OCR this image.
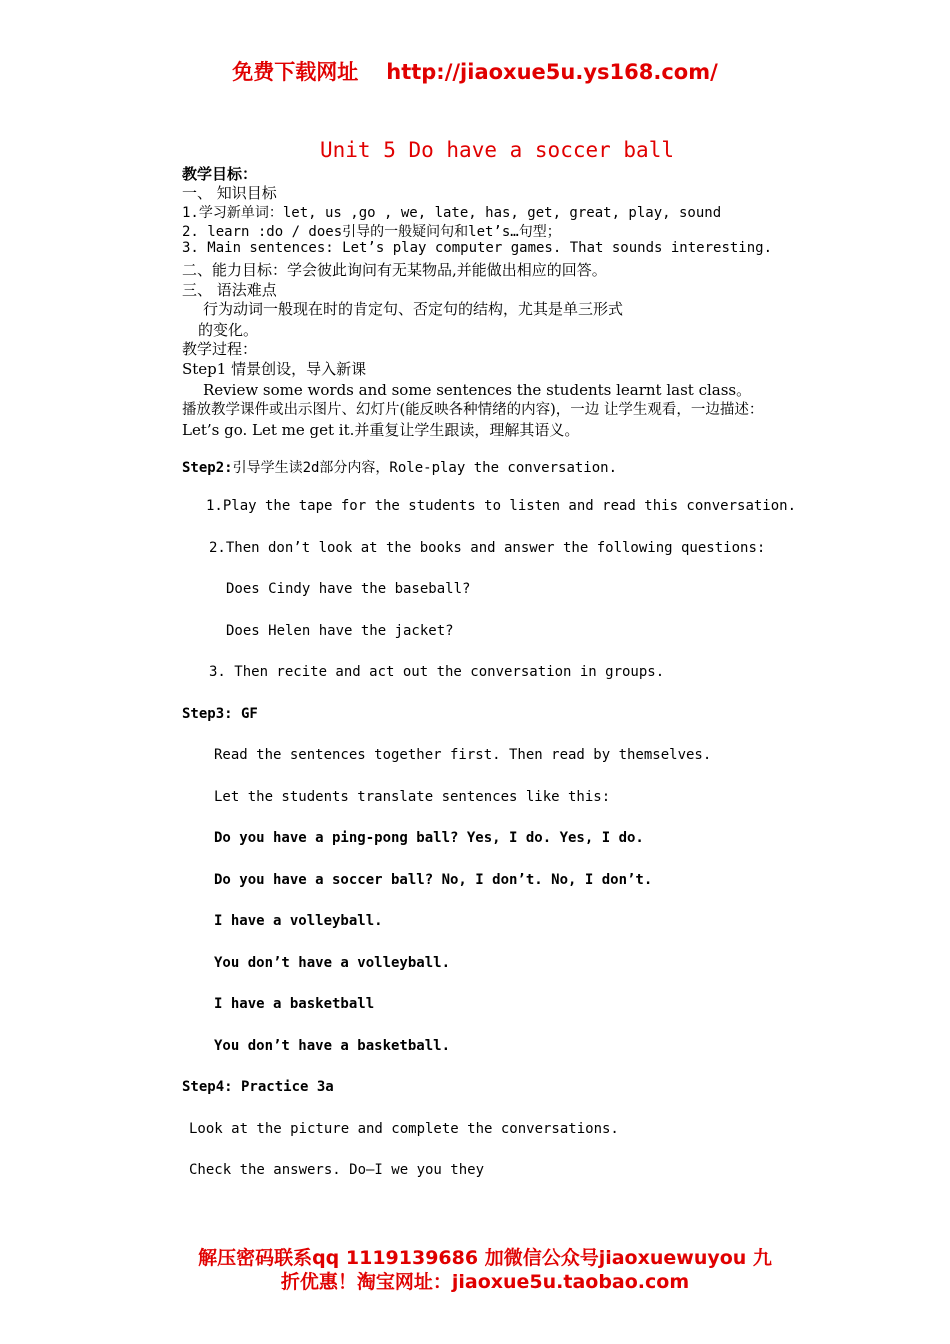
免费下载网址 http://jiaoxue5u.ys168.com/
Unit 5 Do have a soccer ball
教学目标：
一、 知识目标
1.学习新单词：let, us ,go , we, late, has, get, great, play, sound
2. learn :do / does引导的一般疑问句和let’s…句型；
3. Main sentences: Let’s play computer games. That sounds interesting.
二、能力目标：学会彼此询问有无某物品,并能做出相应的回答。
三、 语法难点
行为动词一般现在时的肯定句、否定句的结构，尤其是单三形式
的变化。
教学过程：
Step1 情景创设，导入新课
Review some words and some sentences the students learnt last class。
播放教学课件或出示图片、幻灯片(能反映各种情绪的内容)，一边 让学生观看，一边描述：
Let’s go. Let me get it.并重复让学生跟读，理解其语义。
Step2:引导学生读2d部分内容，Role-play the conversation.
1.Play the tape for the students to listen and read this conversation.
2.Then don’t look at the books and answer the following questions:
Does Cindy have the baseball?
Does Helen have the jacket?
3. Then recite and act out the conversation in groups.
Step3: GF
Read the sentences together first. Then read by themselves.
Let the students translate sentences like this:
Do you have a ping-pong ball? Yes, I do. Yes, I do.
Do you have a soccer ball? No, I don’t. No, I don’t.
I have a volleyball.
You don’t have a volleyball.
I have a basketball
You don’t have a basketball.
Step4: Practice 3a
Look at the picture and complete the conversations.
Check the answers. Do—I we you they
解压密码联系qq 1119139686 加微信公众号jiaoxuewuyou 九
折优惠！淘宝网址：jiaoxue5u.taobao.com
